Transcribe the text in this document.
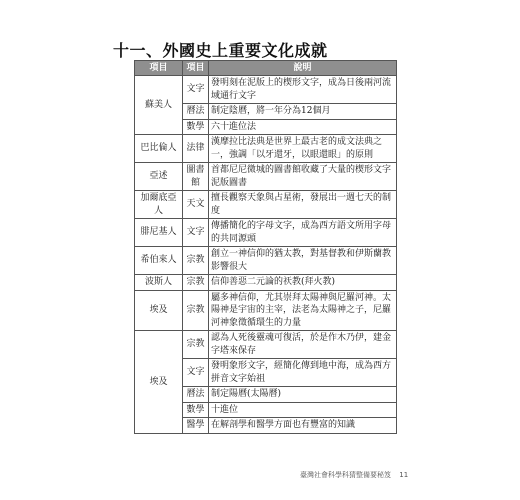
十一、外國史上重要文化成就
項目	項目	說明
蘇美人	文字	發明刻在泥版上的楔形文字，成為日後兩河流域通行文字
	曆法	制定陰曆，將一年分為12個月
	數學	六十進位法
巴比倫人	法律	漢摩拉比法典是世界上最古老的成文法典之一，強調「以牙還牙，以眼還眼」的原則
亞述	圖書館	首都尼尼微城的圖書館收藏了大量的楔形文字泥版圖書
加爾底亞人	天文	擅長觀察天象與占星術，發展出一週七天的制度
腓尼基人	文字	傳播簡化的字母文字，成為西方語文所用字母的共同源頭
希伯來人	宗教	創立一神信仰的猶太教，對基督教和伊斯蘭教影響很大
波斯人	宗教	信仰善惡二元論的祆教(拜火教)
埃及	宗教	屬多神信仰，尤其崇拜太陽神與尼羅河神。太陽神是宇宙的主宰，法老為太陽神之子，尼羅河神象徵循環生的力量
埃及	宗教	認為人死後靈魂可復活，於是作木乃伊，建金字塔來保存
	文字	發明象形文字，經簡化傳到地中海，成為西方拼音文字始祖
	曆法	制定陽曆(太陽曆)
	數學	十進位
	醫學	在解剖學和醫學方面也有豐富的知識
臺灣社會科學科猜整備要秘笈 11
